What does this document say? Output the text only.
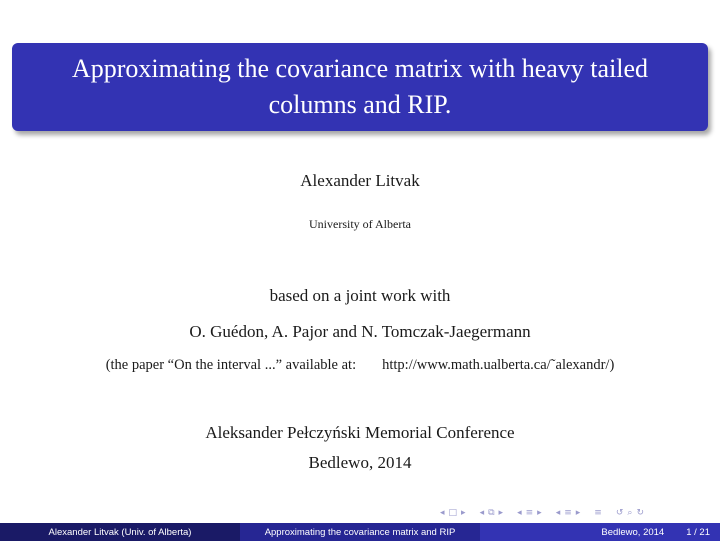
Approximating the covariance matrix with heavy tailed columns and RIP.
Alexander Litvak
University of Alberta
based on a joint work with
O. Guédon, A. Pajor and N. Tomczak-Jaegermann
(the paper “On the interval ...” available at: http://www.math.ualberta.ca/˜alexandr/)
Aleksander Pełczyński Memorial Conference
Bedlewo, 2014
◂ □ ▸ ◂ ⧉ ▸ ◂ ≡ ▸ ◂ ≡ ▸ ≡ ↺ ⌕ ↻
Alexander Litvak (Univ. of Alberta)	Approximating the covariance matrix and RIP	Bedlewo, 2014 1 / 21
